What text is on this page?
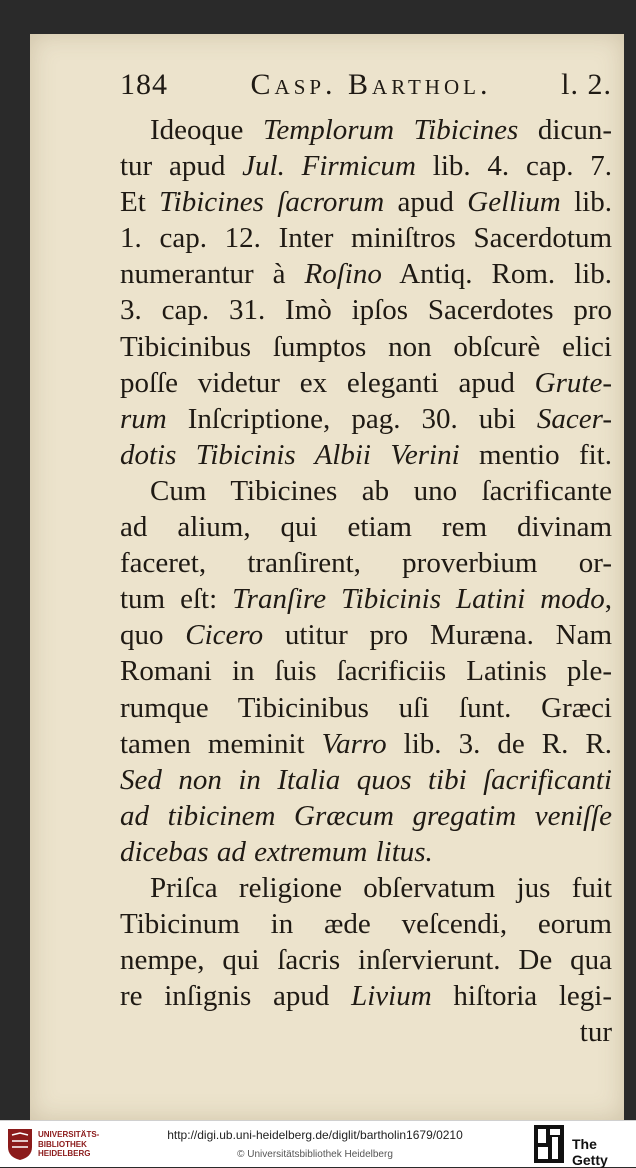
184	Casp. Barthol.	l. 2.
Ideoque Templorum Tibicines dicun-
tur apud Jul. Firmicum lib. 4. cap. 7.
Et Tibicines ſacrorum apud Gellium lib.
1. cap. 12. Inter miniſtros Sacerdotum
numerantur à Roſino Antiq. Rom. lib.
3. cap. 31. Imò ipſos Sacerdotes pro
Tibicinibus ſumptos non obſcurè elici
poſſe videtur ex eleganti apud Grute-
rum Inſcriptione, pag. 30. ubi Sacer-
dotis Tibicinis Albii Verini mentio fit.
Cum Tibicines ab uno ſacrificante
ad alium, qui etiam rem divinam
faceret, tranſirent, proverbium or-
tum eſt: Tranſire Tibicinis Latini modo,
quo Cicero utitur pro Muræna. Nam
Romani in ſuis ſacrificiis Latinis ple-
rumque Tibicinibus uſi ſunt. Græci
tamen meminit Varro lib. 3. de R. R.
Sed non in Italia quos tibi ſacrificanti
ad tibicinem Græcum gregatim veniſſe
dicebas ad extremum litus.
Priſca religione obſervatum jus fuit
Tibicinum in æde veſcendi, eorum
nempe, qui ſacris inſervierunt. De qua
re inſignis apud Livium hiſtoria legi-
tur
UNIVERSITÄTS-
BIBLIOTHEK
HEIDELBERG
http://digi.ub.uni-heidelberg.de/diglit/bartholin1679/0210
© Universitätsbibliothek Heidelberg
The Getty
